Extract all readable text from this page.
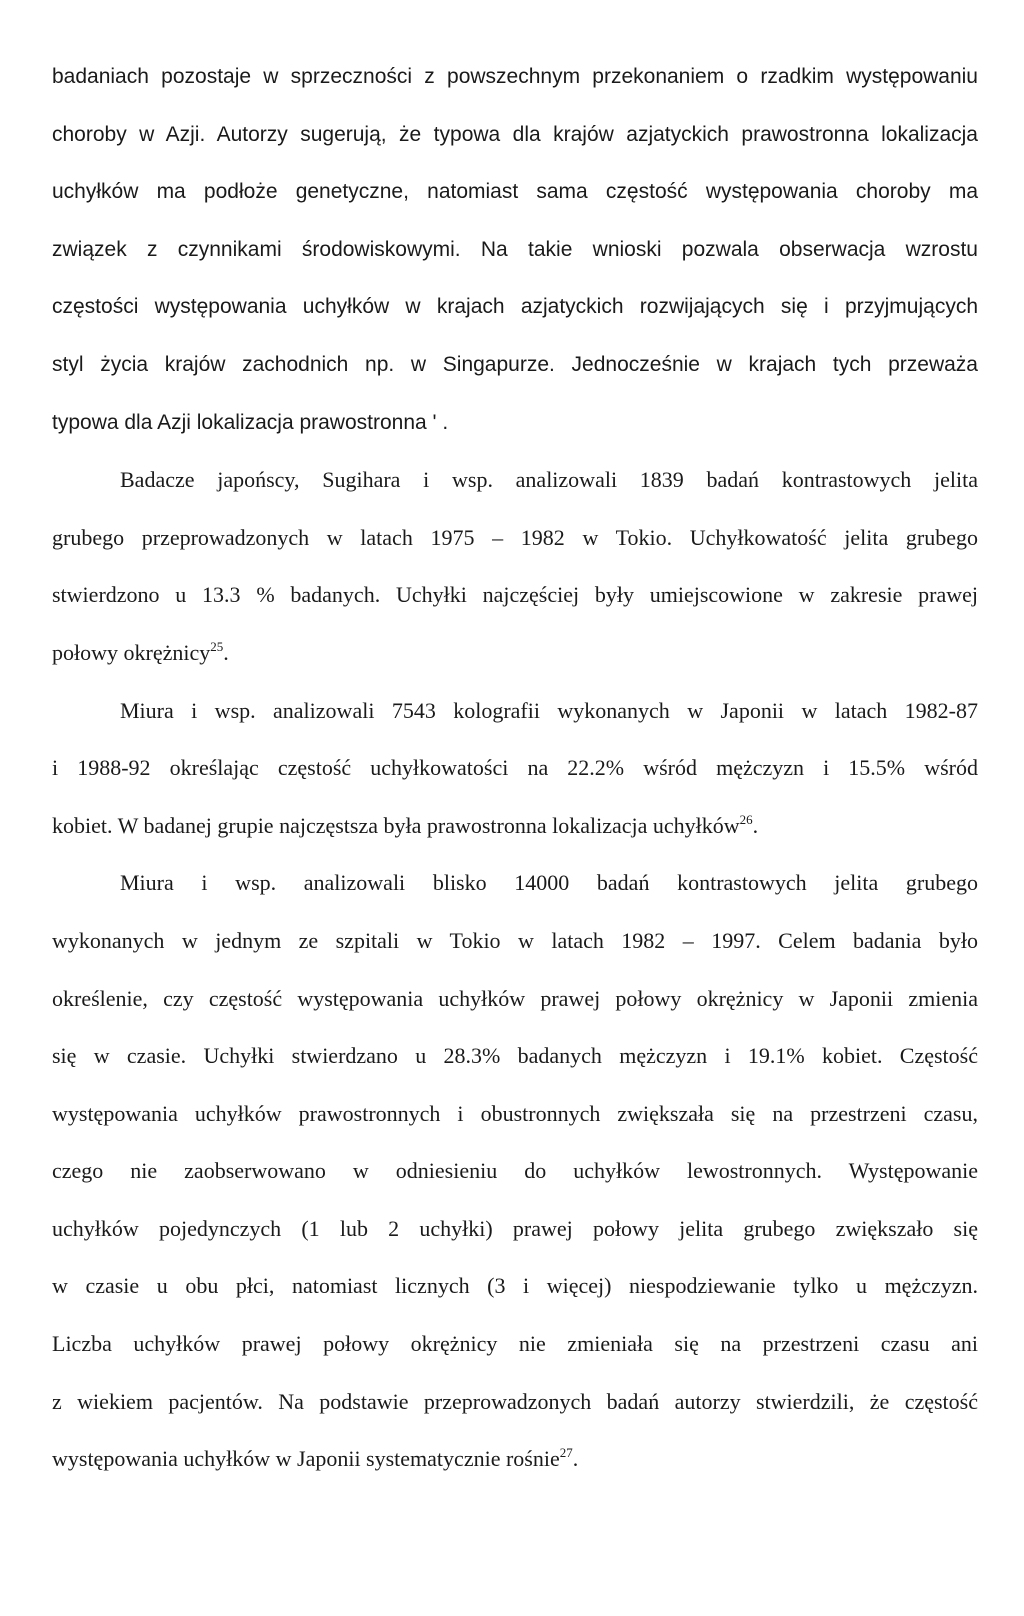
badaniach pozostaje w sprzeczności z powszechnym przekonaniem o rzadkim występowaniu
choroby w Azji. Autorzy sugerują, że typowa dla krajów azjatyckich prawostronna lokalizacja
uchyłków ma podłoże genetyczne, natomiast sama częstość występowania choroby ma
związek z czynnikami środowiskowymi. Na takie wnioski pozwala obserwacja wzrostu
częstości występowania uchyłków w krajach azjatyckich rozwijających się i przyjmujących
styl życia krajów zachodnich np. w Singapurze. Jednocześnie w krajach tych przeważa
typowa dla Azji lokalizacja prawostronna ' .
Badacze japońscy, Sugihara i wsp. analizowali 1839 badań kontrastowych jelita
grubego przeprowadzonych w latach 1975 – 1982 w Tokio. Uchyłkowatość jelita grubego
stwierdzono u 13.3 % badanych. Uchyłki najczęściej były umiejscowione w zakresie prawej
połowy okrężnicy$^{25}$.
Miura i wsp. analizowali 7543 kolografii wykonanych w Japonii w latach 1982-87
i 1988-92 określając częstość uchyłkowatości na 22.2% wśród mężczyzn i 15.5% wśród
kobiet. W badanej grupie najczęstsza była prawostronna lokalizacja uchyłków$^{26}$.
Miura i wsp. analizowali blisko 14000 badań kontrastowych jelita grubego
wykonanych w jednym ze szpitali w Tokio w latach 1982 – 1997. Celem badania było
określenie, czy częstość występowania uchyłków prawej połowy okrężnicy w Japonii zmienia
się w czasie. Uchyłki stwierdzano u 28.3% badanych mężczyzn i 19.1% kobiet. Częstość
występowania uchyłków prawostronnych i obustronnych zwiększała się na przestrzeni czasu,
czego nie zaobserwowano w odniesieniu do uchyłków lewostronnych. Występowanie
uchyłków pojedynczych (1 lub 2 uchyłki) prawej połowy jelita grubego zwiększało się
w czasie u obu płci, natomiast licznych (3 i więcej) niespodziewanie tylko u mężczyzn.
Liczba uchyłków prawej połowy okrężnicy nie zmieniała się na przestrzeni czasu ani
z wiekiem pacjentów. Na podstawie przeprowadzonych badań autorzy stwierdzili, że częstość
występowania uchyłków w Japonii systematycznie rośnie$^{27}$.
